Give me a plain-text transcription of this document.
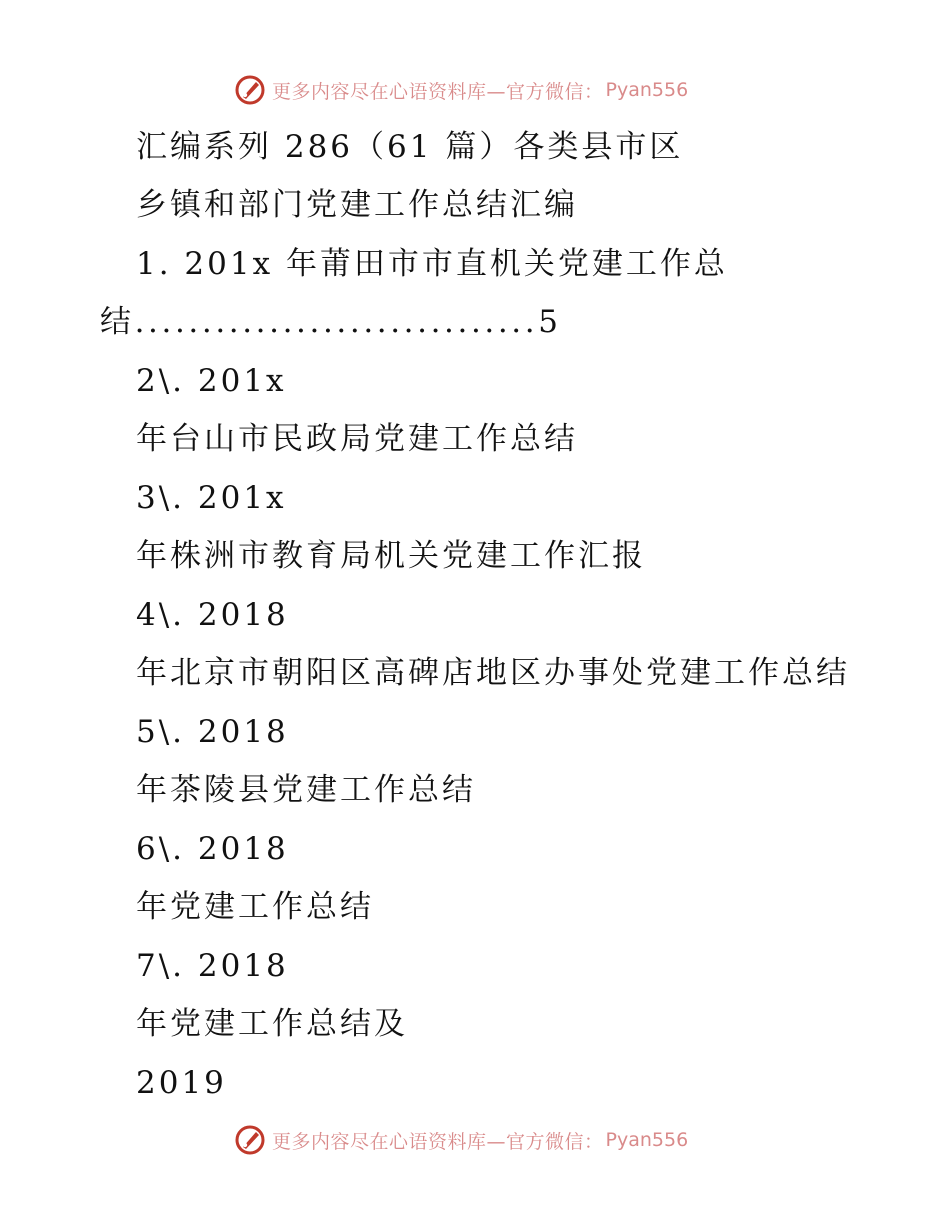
更多内容尽在心语资料库—官方微信： Pyan556

汇编系列 286（61 篇）各类县市区

乡镇和部门党建工作总结汇编

1. 201x 年莆田市市直机关党建工作总

结..............................5

2\. 201x

年台山市民政局党建工作总结

3\. 201x

年株洲市教育局机关党建工作汇报

4\. 2018

年北京市朝阳区高碑店地区办事处党建工作总结

5\. 2018

年茶陵县党建工作总结

6\. 2018

年党建工作总结

7\. 2018

年党建工作总结及

2019

更多内容尽在心语资料库—官方微信： Pyan556
